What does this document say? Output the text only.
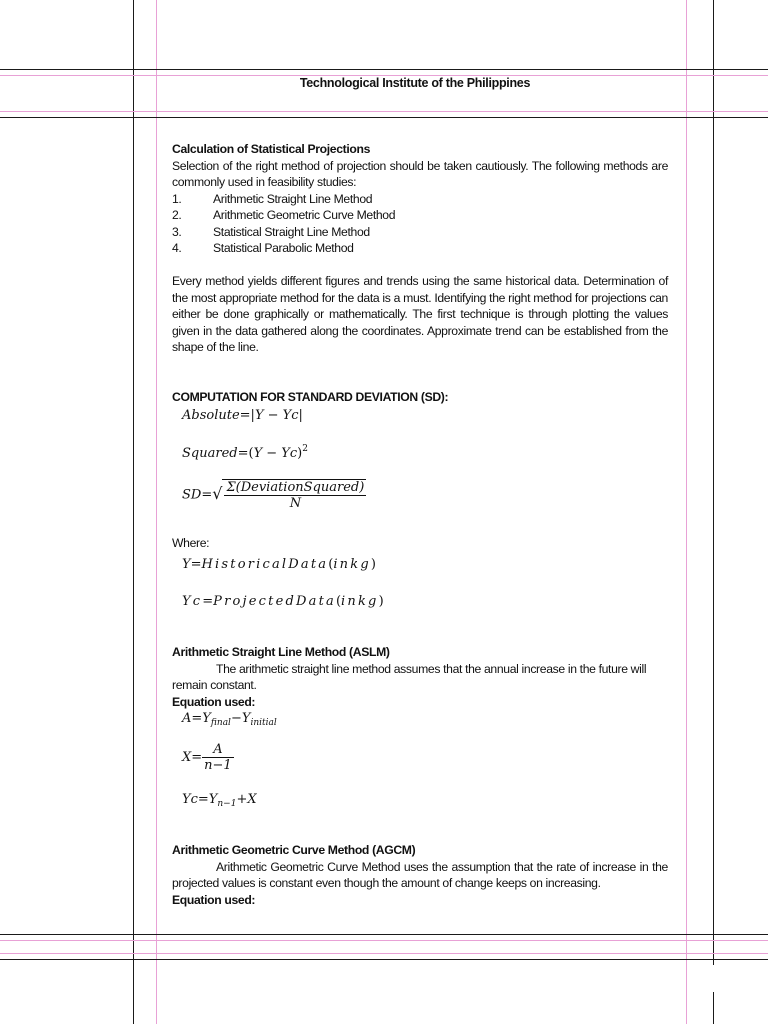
Technological Institute of the Philippines
Calculation of Statistical Projections
Selection of the right method of projection should be taken cautiously. The following methods are commonly used in feasibility studies:
1.	Arithmetic Straight Line Method
2.	Arithmetic Geometric Curve Method
3.	Statistical Straight Line Method
4.	Statistical Parabolic Method
Every method yields different figures and trends using the same historical data. Determination of the most appropriate method for the data is a must. Identifying the right method for projections can either be done graphically or mathematically. The first technique is through plotting the values given in the data gathered along the coordinates. Approximate trend can be established from the shape of the line.
COMPUTATION FOR STANDARD DEVIATION (SD):
Absolute=|Y − Yc|
Squared=(Y − Yc)$^2$
$SD=√ \frac{\text{Σ(DeviationSquared)}}{N}$
Where:
Y=HistoricalData(inkg)
Yc=ProjectedData(inkg)
Arithmetic Straight Line Method (ASLM)
The arithmetic straight line method assumes that the annual increase in the future will remain constant.
Equation used:
$A=Y_{final}-Y_{initial}$
$X= \frac{A}{n-1}$
$Yc=Y_{n-1}+X$
Arithmetic Geometric Curve Method (AGCM)
Arithmetic Geometric Curve Method uses the assumption that the rate of increase in the projected values is constant even though the amount of change keeps on increasing.
Equation used:
